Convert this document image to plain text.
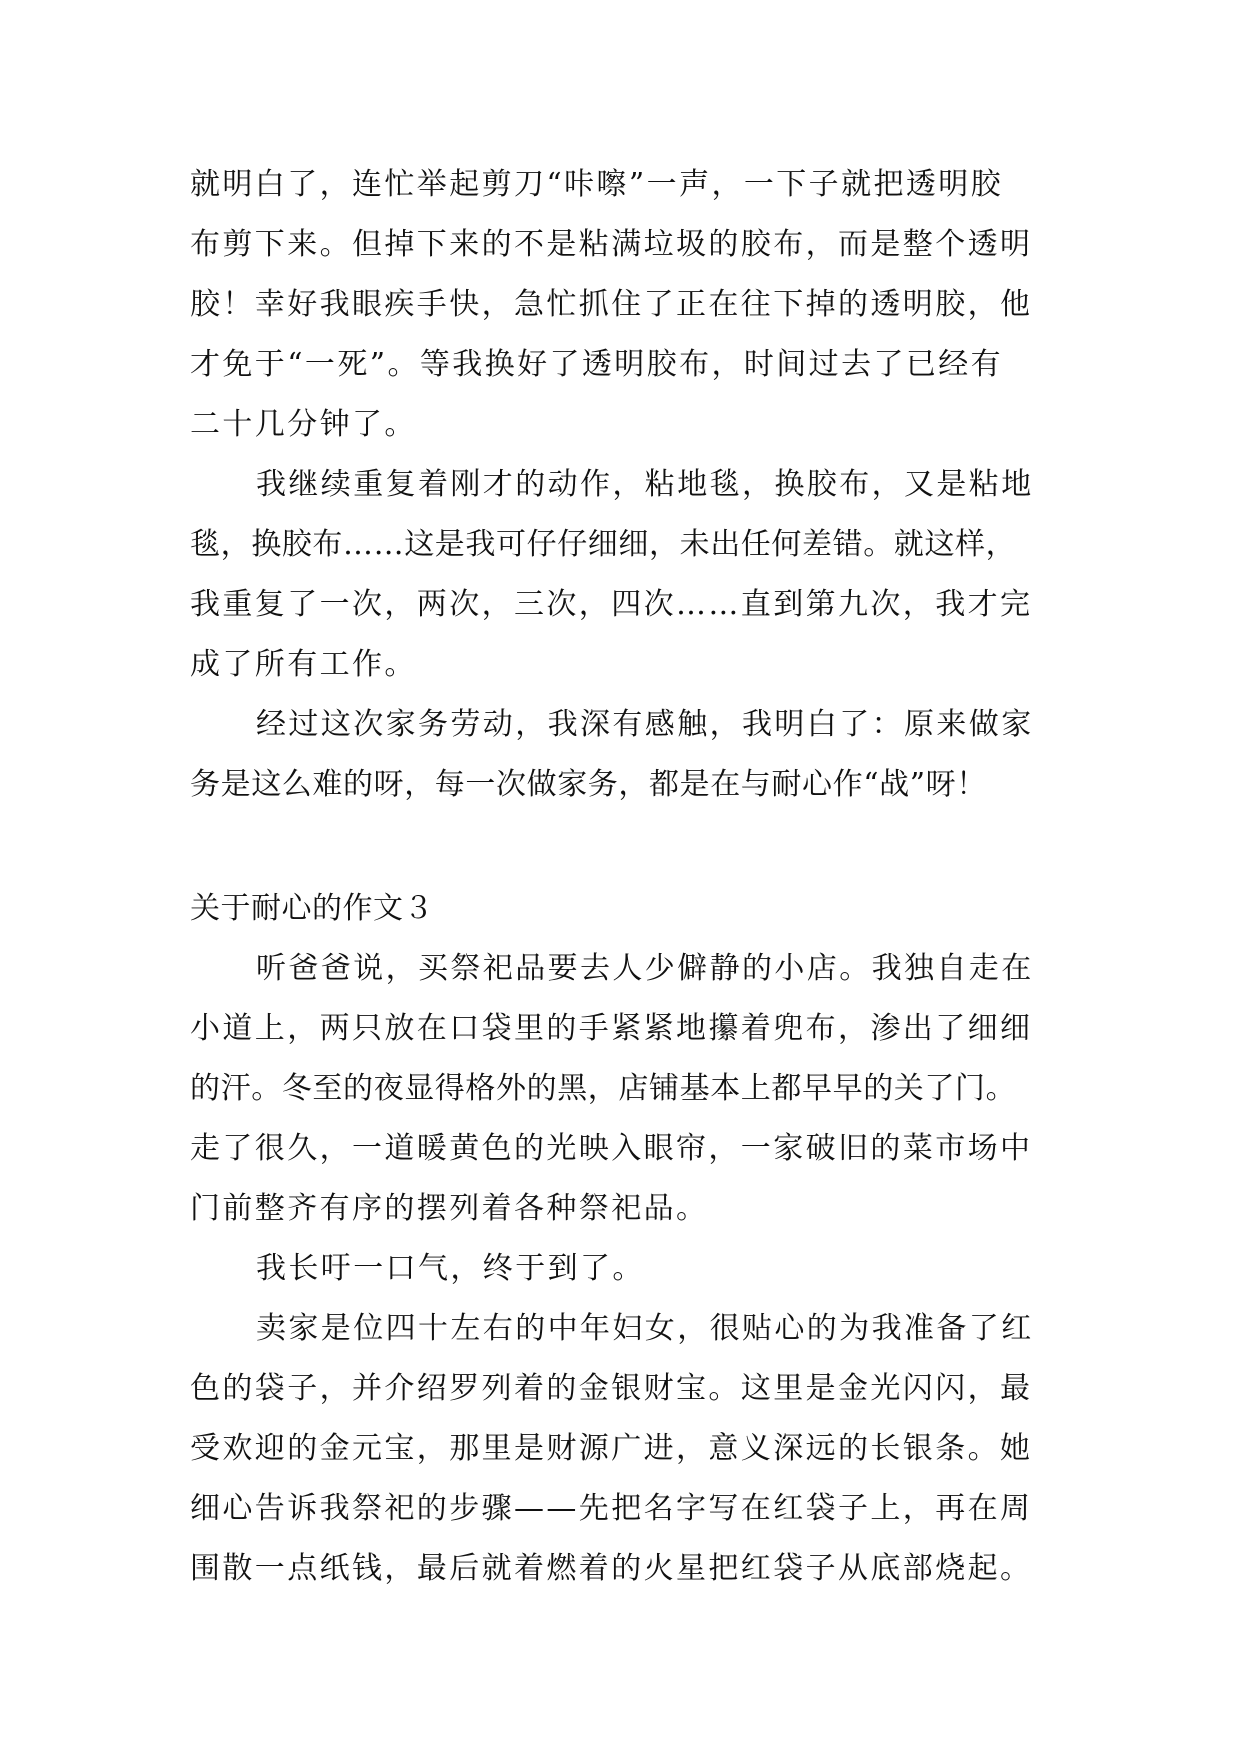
就明白了，连忙举起剪刀“咔嚓”一声，一下子就把透明胶
布剪下来。但掉下来的不是粘满垃圾的胶布，而是整个透明
胶！幸好我眼疾手快，急忙抓住了正在往下掉的透明胶，他
才免于“一死”。等我换好了透明胶布，时间过去了已经有
二十几分钟了。
我继续重复着刚才的动作，粘地毯，换胶布，又是粘地
毯，换胶布……这是我可仔仔细细，未出任何差错。就这样，
我重复了一次，两次，三次，四次……直到第九次，我才完
成了所有工作。
经过这次家务劳动，我深有感触，我明白了：原来做家
务是这么难的呀，每一次做家务，都是在与耐心作“战”呀！
关于耐心的作文３
听爸爸说，买祭祀品要去人少僻静的小店。我独自走在
小道上，两只放在口袋里的手紧紧地攥着兜布，渗出了细细
的汗。冬至的夜显得格外的黑，店铺基本上都早早的关了门。
走了很久，一道暖黄色的光映入眼帘，一家破旧的菜市场中
门前整齐有序的摆列着各种祭祀品。
我长吁一口气，终于到了。
卖家是位四十左右的中年妇女，很贴心的为我准备了红
色的袋子，并介绍罗列着的金银财宝。这里是金光闪闪，最
受欢迎的金元宝，那里是财源广进，意义深远的长银条。她
细心告诉我祭祀的步骤——先把名字写在红袋子上，再在周
围散一点纸钱，最后就着燃着的火星把红袋子从底部烧起。
